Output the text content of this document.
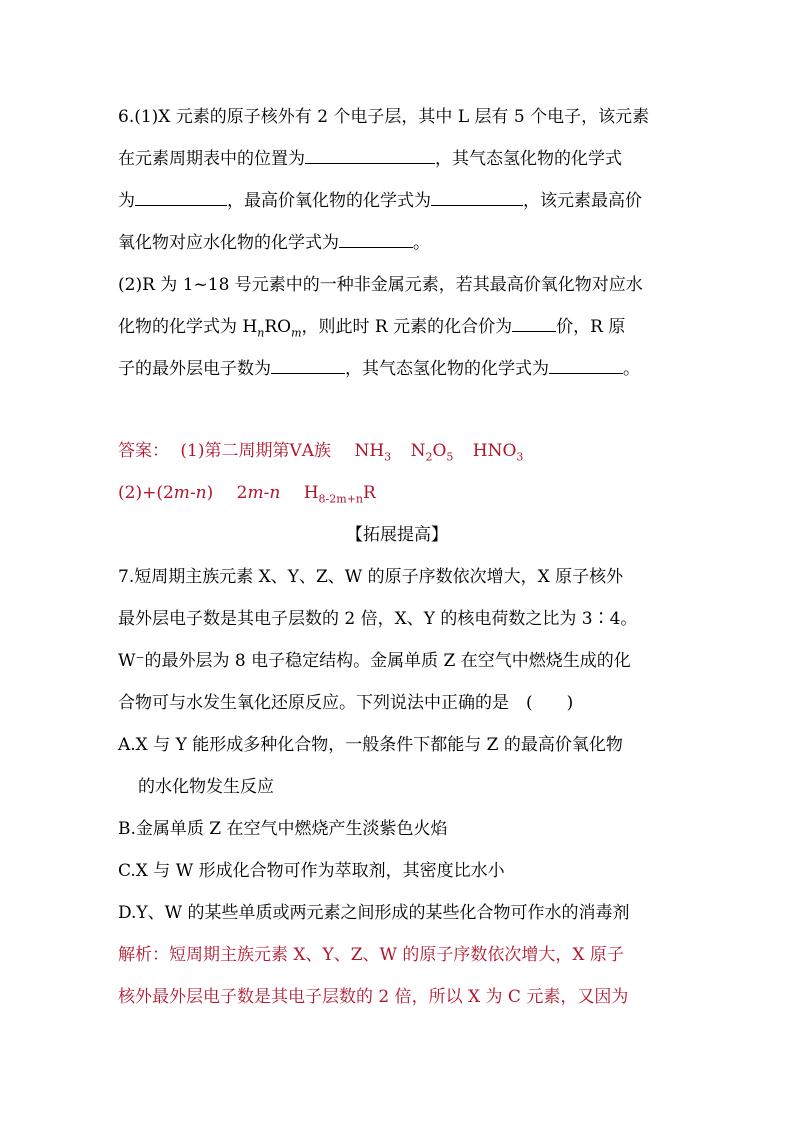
6.(1)X 元素的原子核外有 2 个电子层，其中 L 层有 5 个电子，该元素
在元素周期表中的位置为	，其气态氢化物的化学式
为	，最高价氧化物的化学式为	，该元素最高价
氧化物对应水化物的化学式为	。
(2)R 为 1~18 号元素中的一种非金属元素，若其最高价氧化物对应水
化物的化学式为 $H_nRO_m$，则此时 R 元素的化合价为	价，R 原
子的最外层电子数为	，其气态氢化物的化学式为	。
答案： (1)第二周期第ⅤA族 $NH_3$ $N_2O_5$ $HNO_3$
(2)+(2m-n) 2m-n $H_{8-2m+n}R$
【拓展提高】
7.短周期主族元素 X、Y、Z、W 的原子序数依次增大，X 原子核外
最外层电子数是其电子层数的 2 倍，X、Y 的核电荷数之比为 3∶4。
W⁻的最外层为 8 电子稳定结构。金属单质 Z 在空气中燃烧生成的化
合物可与水发生氧化还原反应。下列说法中正确的是　(　　)
A.X 与 Y 能形成多种化合物，一般条件下都能与 Z 的最高价氧化物
的水化物发生反应
B.金属单质 Z 在空气中燃烧产生淡紫色火焰
C.X 与 W 形成化合物可作为萃取剂，其密度比水小
D.Y、W 的某些单质或两元素之间形成的某些化合物可作水的消毒剂
解析：短周期主族元素 X、Y、Z、W 的原子序数依次增大，X 原子
核外最外层电子数是其电子层数的 2 倍，所以 X 为 C 元素，又因为
